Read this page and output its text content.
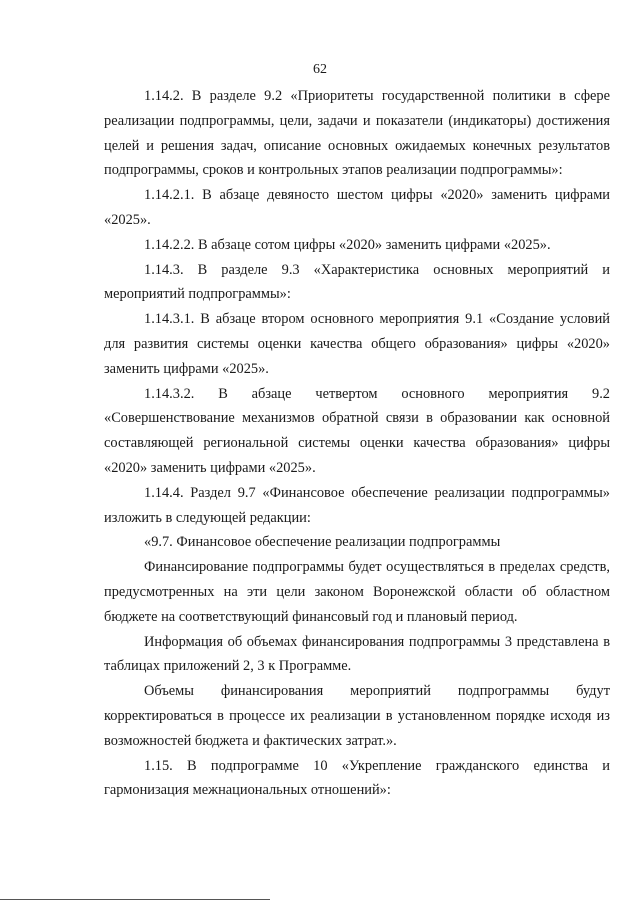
62

1.14.2. В разделе 9.2 «Приоритеты государственной политики в сфере реализации подпрограммы, цели, задачи и показатели (индикаторы) достижения целей и решения задач, описание основных ожидаемых конечных результатов подпрограммы, сроков и контрольных этапов реализации подпрограммы»:

1.14.2.1. В абзаце девяносто шестом цифры «2020» заменить цифрами «2025».

1.14.2.2. В абзаце сотом цифры «2020» заменить цифрами «2025».

1.14.3. В разделе 9.3 «Характеристика основных мероприятий и мероприятий подпрограммы»:

1.14.3.1. В абзаце втором основного мероприятия 9.1 «Создание условий для развития системы оценки качества общего образования» цифры «2020» заменить цифрами «2025».

1.14.3.2. В абзаце четвертом основного мероприятия 9.2 «Совершенствование механизмов обратной связи в образовании как основной составляющей региональной системы оценки качества образования» цифры «2020» заменить цифрами «2025».

1.14.4. Раздел 9.7 «Финансовое обеспечение реализации подпрограммы» изложить в следующей редакции:

«9.7. Финансовое обеспечение реализации подпрограммы

Финансирование подпрограммы будет осуществляться в пределах средств, предусмотренных на эти цели законом Воронежской области об областном бюджете на соответствующий финансовый год и плановый период.

Информация об объемах финансирования подпрограммы 3 представлена в таблицах приложений 2, 3 к Программе.

Объемы финансирования мероприятий подпрограммы будут корректироваться в процессе их реализации в установленном порядке исходя из возможностей бюджета и фактических затрат.».

1.15. В подпрограмме 10 «Укрепление гражданского единства и гармонизация межнациональных отношений»:
